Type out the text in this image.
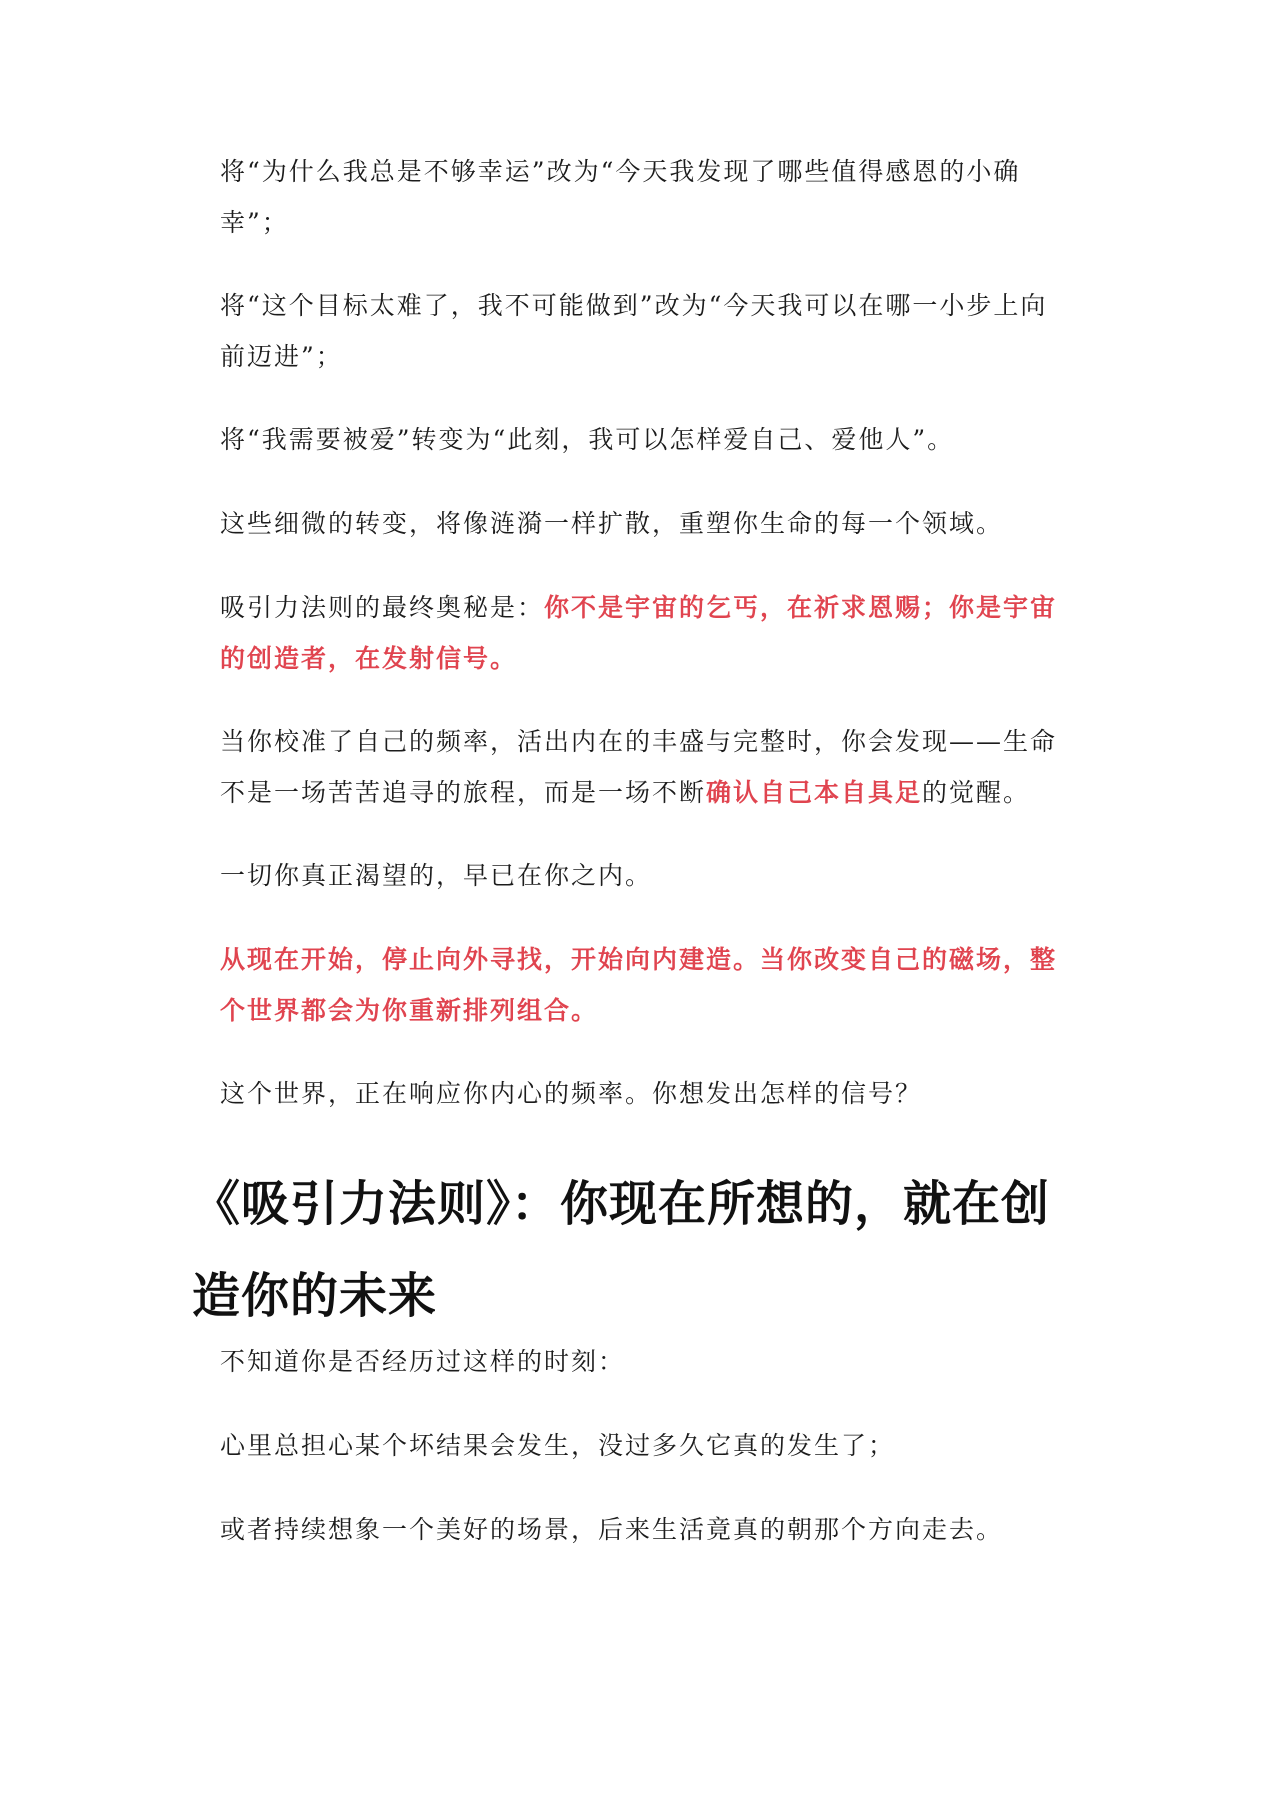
将“为什么我总是不够幸运”改为“今天我发现了哪些值得感恩的小确幸”；

将“这个目标太难了，我不可能做到”改为“今天我可以在哪一小步上向前迈进”；

将“我需要被爱”转变为“此刻，我可以怎样爱自己、爱他人”。

这些细微的转变，将像涟漪一样扩散，重塑你生命的每一个领域。

吸引力法则的最终奥秘是：你不是宇宙的乞丐，在祈求恩赐；你是宇宙的创造者，在发射信号。

当你校准了自己的频率，活出内在的丰盛与完整时，你会发现——生命不是一场苦苦追寻的旅程，而是一场不断确认自己本自具足的觉醒。

一切你真正渴望的，早已在你之内。

从现在开始，停止向外寻找，开始向内建造。当你改变自己的磁场，整个世界都会为你重新排列组合。

这个世界，正在响应你内心的频率。你想发出怎样的信号？

《吸引力法则》：你现在所想的，就在创造你的未来

不知道你是否经历过这样的时刻：

心里总担心某个坏结果会发生，没过多久它真的发生了；

或者持续想象一个美好的场景，后来生活竟真的朝那个方向走去。
